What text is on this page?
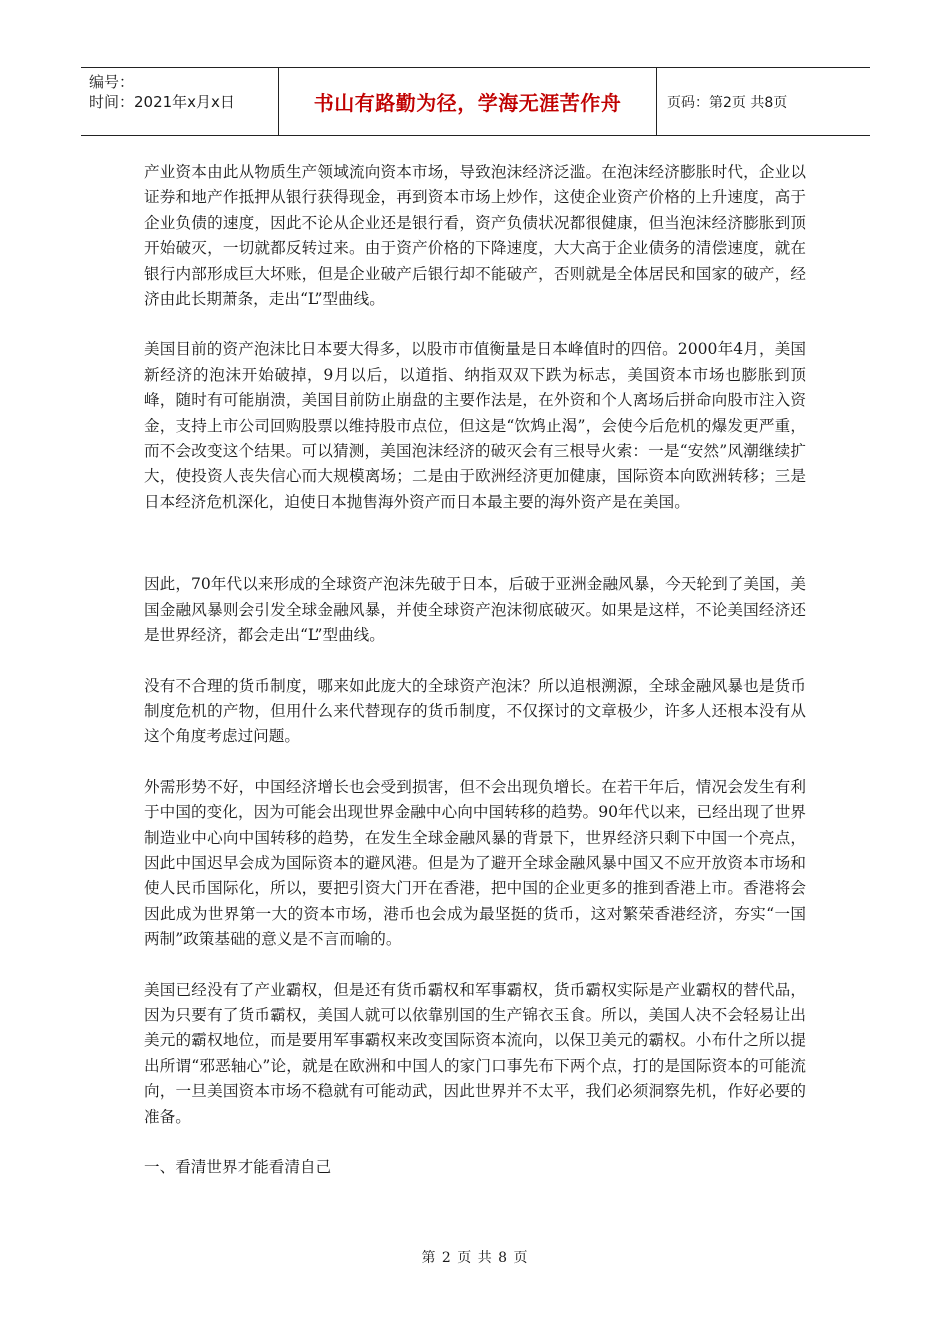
编号：
时间：2021年x月x日	书山有路勤为径，学海无涯苦作舟	页码：第2页 共8页

产业资本由此从物质生产领域流向资本市场，导致泡沫经济泛滥。在泡沫经济膨胀时代，企业以证券和地产作抵押从银行获得现金，再到资本市场上炒作，这使企业资产价格的上升速度，高于企业负债的速度，因此不论从企业还是银行看，资产负债状况都很健康，但当泡沫经济膨胀到顶开始破灭，一切就都反转过来。由于资产价格的下降速度，大大高于企业债务的清偿速度，就在银行内部形成巨大坏账，但是企业破产后银行却不能破产，否则就是全体居民和国家的破产，经济由此长期萧条，走出“L”型曲线。

美国目前的资产泡沫比日本要大得多，以股市市值衡量是日本峰值时的四倍。2000年4月，美国新经济的泡沫开始破掉，9月以后，以道指、纳指双双下跌为标志，美国资本市场也膨胀到顶峰，随时有可能崩溃，美国目前防止崩盘的主要作法是，在外资和个人离场后拼命向股市注入资金，支持上市公司回购股票以维持股市点位，但这是“饮鸩止渴”，会使今后危机的爆发更严重，而不会改变这个结果。可以猜测，美国泡沫经济的破灭会有三根导火索：一是“安然”风潮继续扩大，使投资人丧失信心而大规模离场；二是由于欧洲经济更加健康，国际资本向欧洲转移；三是日本经济危机深化，迫使日本抛售海外资产而日本最主要的海外资产是在美国。

因此，70年代以来形成的全球资产泡沫先破于日本，后破于亚洲金融风暴，今天轮到了美国，美国金融风暴则会引发全球金融风暴，并使全球资产泡沫彻底破灭。如果是这样，不论美国经济还是世界经济，都会走出“L”型曲线。

没有不合理的货币制度，哪来如此庞大的全球资产泡沫？所以追根溯源，全球金融风暴也是货币制度危机的产物，但用什么来代替现存的货币制度，不仅探讨的文章极少，许多人还根本没有从这个角度考虑过问题。

外需形势不好，中国经济增长也会受到损害，但不会出现负增长。在若干年后，情况会发生有利于中国的变化，因为可能会出现世界金融中心向中国转移的趋势。90年代以来，已经出现了世界制造业中心向中国转移的趋势，在发生全球金融风暴的背景下，世界经济只剩下中国一个亮点，因此中国迟早会成为国际资本的避风港。但是为了避开全球金融风暴中国又不应开放资本市场和使人民币国际化，所以，要把引资大门开在香港，把中国的企业更多的推到香港上市。香港将会因此成为世界第一大的资本市场，港币也会成为最坚挺的货币，这对繁荣香港经济，夯实“一国两制”政策基础的意义是不言而喻的。

美国已经没有了产业霸权，但是还有货币霸权和军事霸权，货币霸权实际是产业霸权的替代品，因为只要有了货币霸权，美国人就可以依靠别国的生产锦衣玉食。所以，美国人决不会轻易让出美元的霸权地位，而是要用军事霸权来改变国际资本流向，以保卫美元的霸权。小布什之所以提出所谓“邪恶轴心”论，就是在欧洲和中国人的家门口事先布下两个点，打的是国际资本的可能流向，一旦美国资本市场不稳就有可能动武，因此世界并不太平，我们必须洞察先机，作好必要的准备。

一、看清世界才能看清自己

第 2 页 共 8 页
